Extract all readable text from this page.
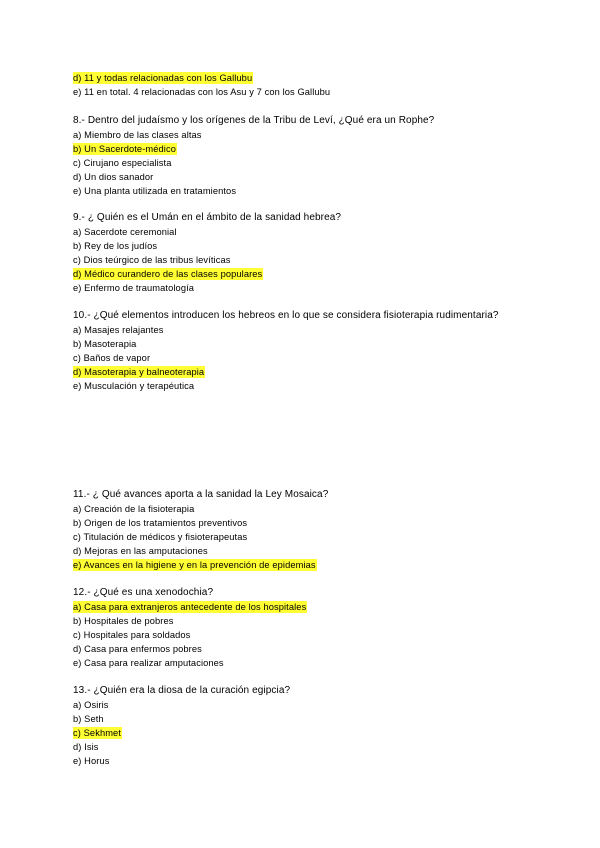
d) 11 y todas relacionadas con los Gallubu
e) 11 en total. 4 relacionadas con los Asu y 7 con los Gallubu
8.- Dentro del judaísmo y los orígenes de la Tribu de Leví, ¿Qué era un Rophe?
a) Miembro de las clases altas
b) Un Sacerdote-médico
c) Cirujano especialista
d) Un dios sanador
e) Una planta utilizada en tratamientos
9.- ¿ Quién es el Umán en el ámbito de la sanidad hebrea?
a) Sacerdote ceremonial
b) Rey de los judíos
c) Dios teúrgico de las tribus levíticas
d) Médico curandero de las clases populares
e) Enfermo de traumatología
10.- ¿Qué elementos introducen los hebreos en lo que se considera fisioterapia rudimentaria?
a) Masajes relajantes
b) Masoterapia
c) Baños de vapor
d) Masoterapia y balneoterapia
e) Musculación y terapéutica
11.- ¿ Qué avances aporta a la sanidad la Ley Mosaica?
a) Creación de la fisioterapia
b) Origen de los tratamientos preventivos
c) Titulación de médicos y fisioterapeutas
d) Mejoras en las amputaciones
e) Avances en la higiene y en la prevención de epidemias
12.- ¿Qué es una xenodochia?
a) Casa para extranjeros antecedente de los hospitales
b) Hospitales de pobres
c) Hospitales para soldados
d) Casa para enfermos pobres
e) Casa para realizar amputaciones
13.- ¿Quién era la diosa de la curación egipcia?
a) Osiris
b) Seth
c) Sekhmet
d) Isis
e) Horus
